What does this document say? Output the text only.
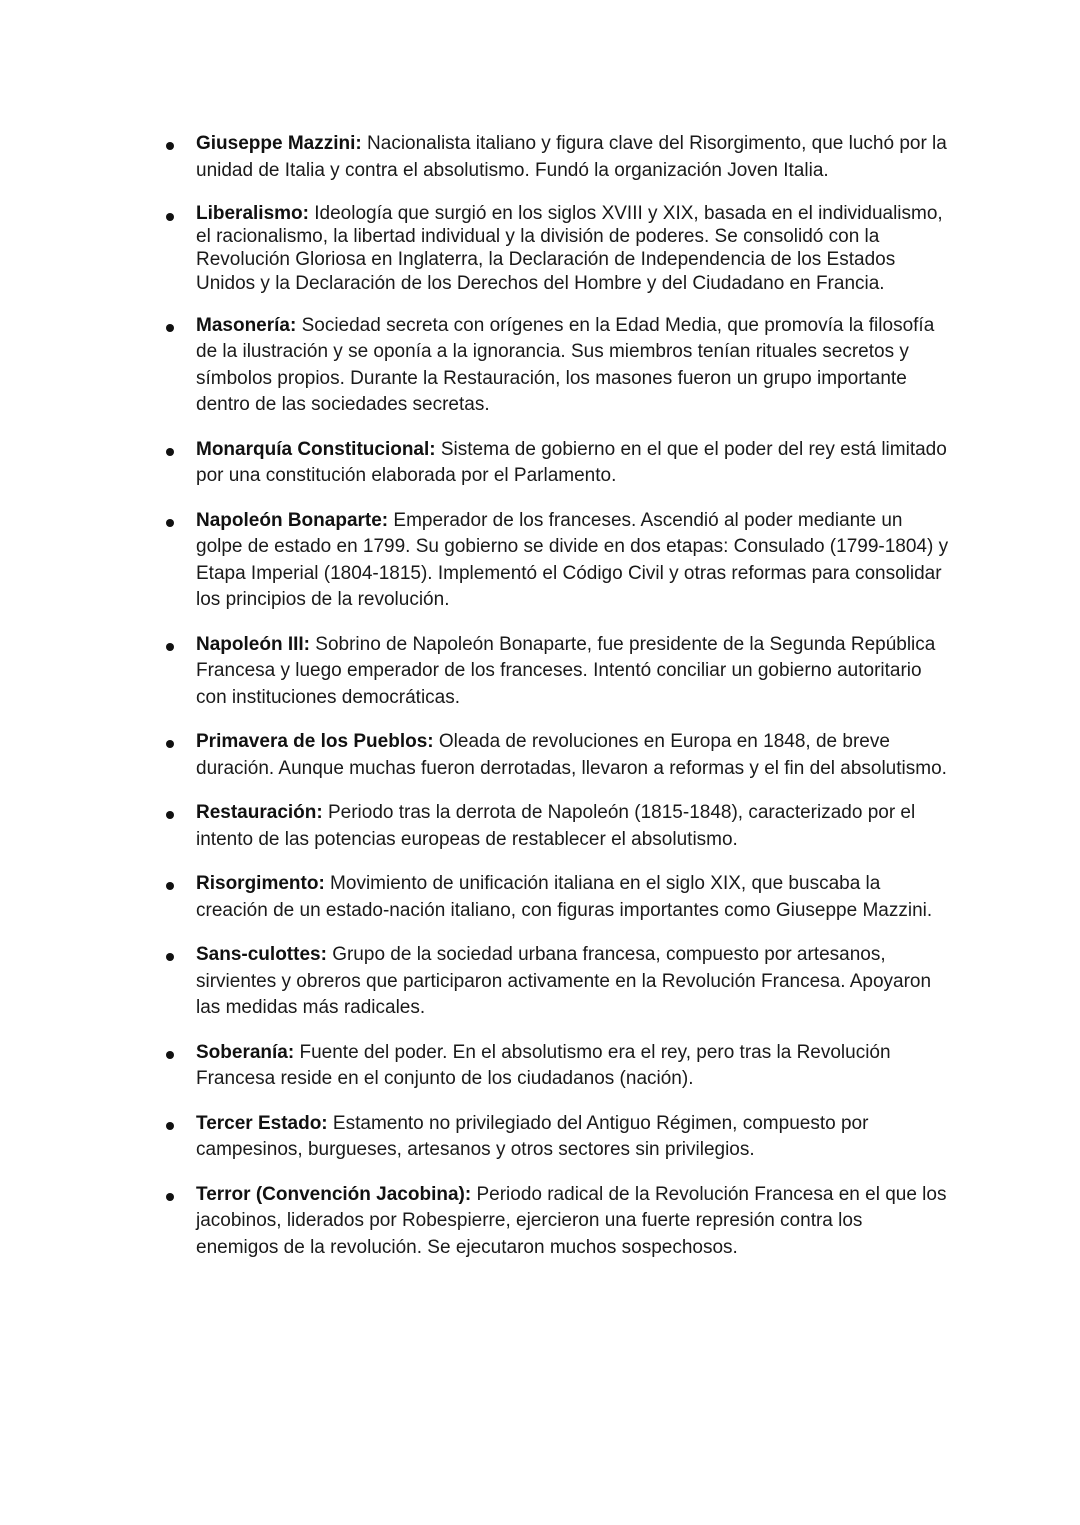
Giuseppe Mazzini: Nacionalista italiano y figura clave del Risorgimento, que luchó por la unidad de Italia y contra el absolutismo. Fundó la organización Joven Italia.
Liberalismo: Ideología que surgió en los siglos XVIII y XIX, basada en el individualismo, el racionalismo, la libertad individual y la división de poderes. Se consolidó con la Revolución Gloriosa en Inglaterra, la Declaración de Independencia de los Estados Unidos y la Declaración de los Derechos del Hombre y del Ciudadano en Francia.
Masonería: Sociedad secreta con orígenes en la Edad Media, que promovía la filosofía de la ilustración y se oponía a la ignorancia. Sus miembros tenían rituales secretos y símbolos propios. Durante la Restauración, los masones fueron un grupo importante dentro de las sociedades secretas.
Monarquía Constitucional: Sistema de gobierno en el que el poder del rey está limitado por una constitución elaborada por el Parlamento.
Napoleón Bonaparte: Emperador de los franceses. Ascendió al poder mediante un golpe de estado en 1799. Su gobierno se divide en dos etapas: Consulado (1799-1804) y Etapa Imperial (1804-1815). Implementó el Código Civil y otras reformas para consolidar los principios de la revolución.
Napoleón III: Sobrino de Napoleón Bonaparte, fue presidente de la Segunda República Francesa y luego emperador de los franceses. Intentó conciliar un gobierno autoritario con instituciones democráticas.
Primavera de los Pueblos: Oleada de revoluciones en Europa en 1848, de breve duración. Aunque muchas fueron derrotadas, llevaron a reformas y el fin del absolutismo.
Restauración: Periodo tras la derrota de Napoleón (1815-1848), caracterizado por el intento de las potencias europeas de restablecer el absolutismo.
Risorgimento: Movimiento de unificación italiana en el siglo XIX, que buscaba la creación de un estado-nación italiano, con figuras importantes como Giuseppe Mazzini.
Sans-culottes: Grupo de la sociedad urbana francesa, compuesto por artesanos, sirvientes y obreros que participaron activamente en la Revolución Francesa. Apoyaron las medidas más radicales.
Soberanía: Fuente del poder. En el absolutismo era el rey, pero tras la Revolución Francesa reside en el conjunto de los ciudadanos (nación).
Tercer Estado: Estamento no privilegiado del Antiguo Régimen, compuesto por campesinos, burgueses, artesanos y otros sectores sin privilegios.
Terror (Convención Jacobina): Periodo radical de la Revolución Francesa en el que los jacobinos, liderados por Robespierre, ejercieron una fuerte represión contra los enemigos de la revolución. Se ejecutaron muchos sospechosos.
